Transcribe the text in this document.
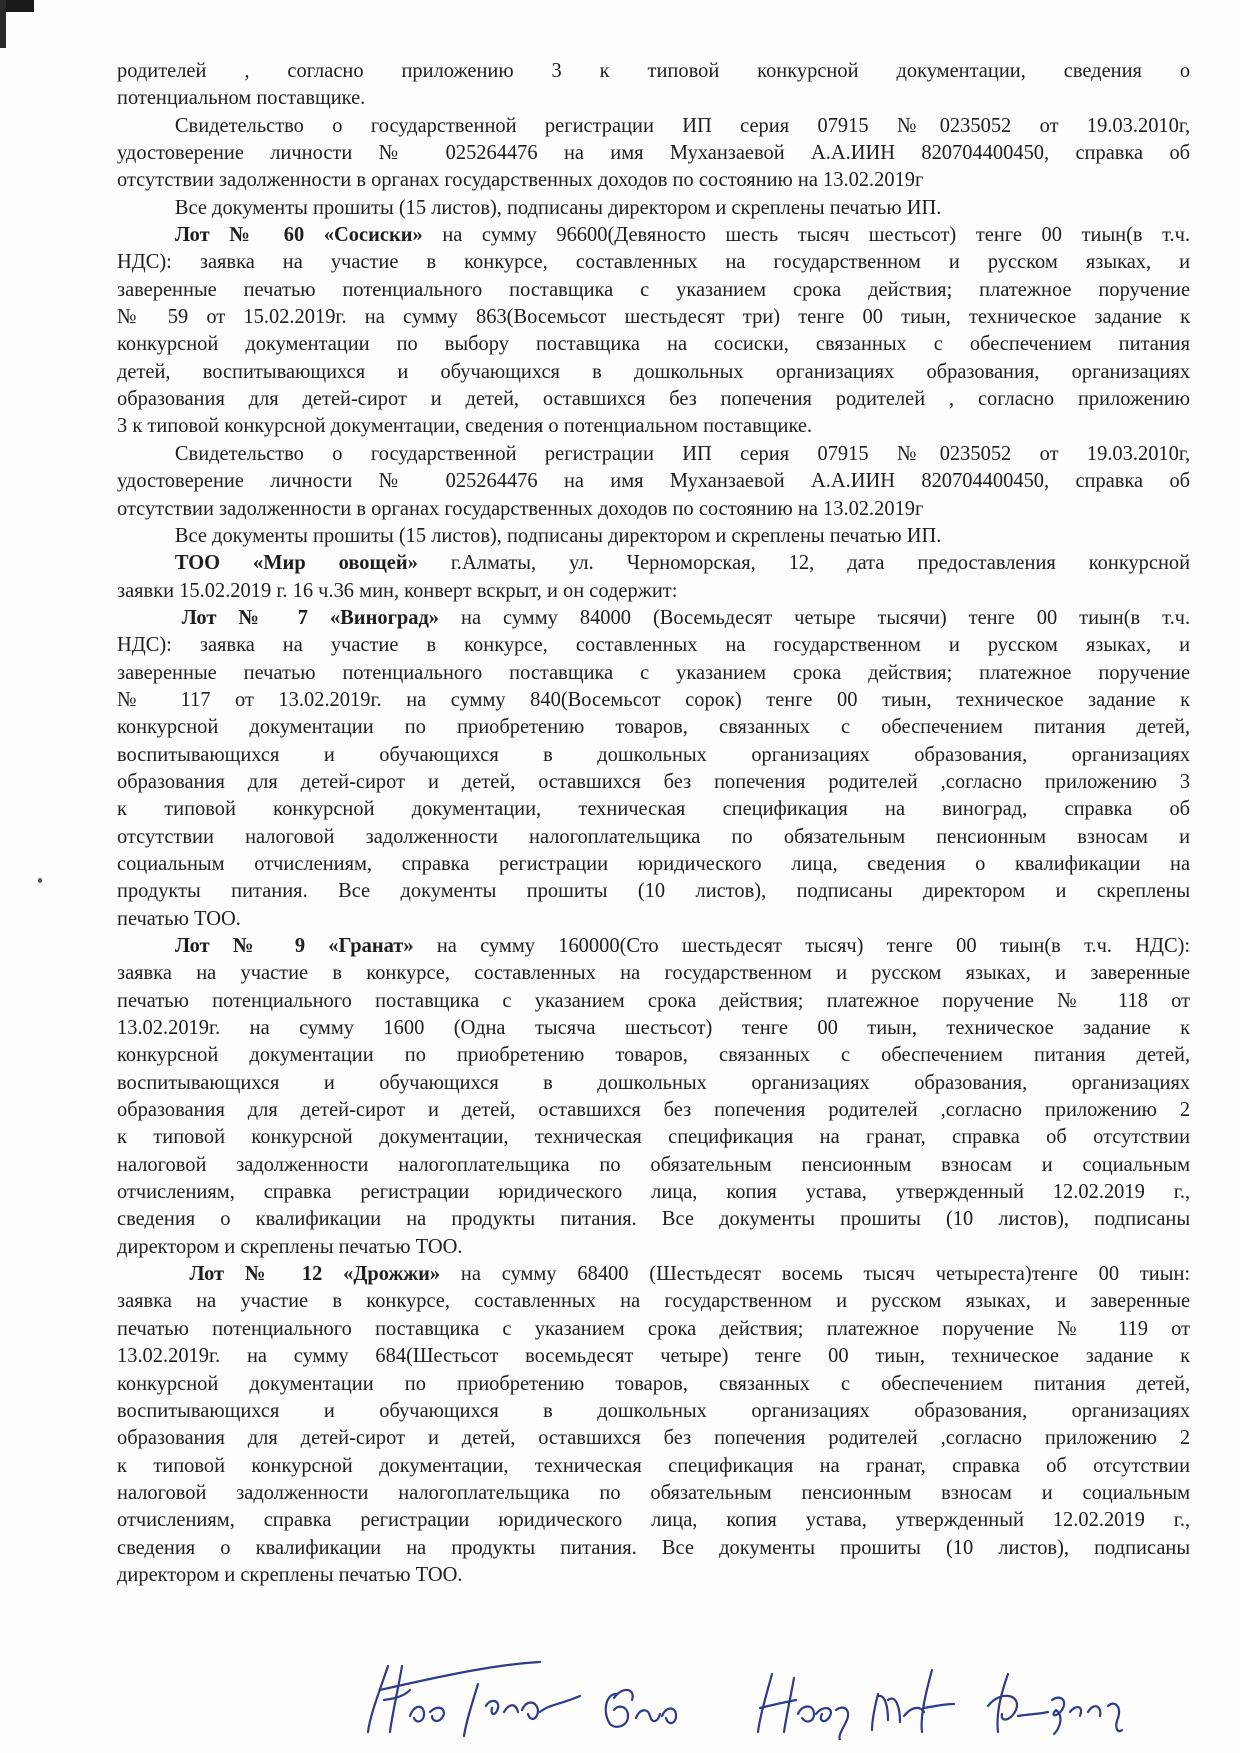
родителей , согласно приложению 3 к типовой конкурсной документации, сведения о
потенциальном поставщике.
Свидетельство о государственной регистрации ИП серия 07915 №0235052 от 19.03.2010г,
удостоверение личности № 025264476 на имя Муханзаевой А.А.ИИН 820704400450, справка об
отсутствии задолженности в органах государственных доходов по состоянию на 13.02.2019г
Все документы прошиты (15 листов), подписаны директором и скреплены печатью ИП.
Лот № 60 «Сосиски» на сумму 96600(Девяносто шесть тысяч шестьсот) тенге 00 тиын(в т.ч.
НДС): заявка на участие в конкурсе, составленных на государственном и русском языках, и
заверенные печатью потенциального поставщика с указанием срока действия; платежное поручение
№ 59 от 15.02.2019г. на сумму 863(Восемьсот шестьдесят три) тенге 00 тиын, техническое задание к
конкурсной документации по выбору поставщика на сосиски, связанных с обеспечением питания
детей, воспитывающихся и обучающихся в дошкольных организациях образования, организациях
образования для детей-сирот и детей, оставшихся без попечения родителей , согласно приложению
3 к типовой конкурсной документации, сведения о потенциальном поставщике.
Свидетельство о государственной регистрации ИП серия 07915 №0235052 от 19.03.2010г,
удостоверение личности № 025264476 на имя Муханзаевой А.А.ИИН 820704400450, справка об
отсутствии задолженности в органах государственных доходов по состоянию на 13.02.2019г
Все документы прошиты (15 листов), подписаны директором и скреплены печатью ИП.
ТОО «Мир овощей» г.Алматы, ул. Черноморская, 12, дата предоставления конкурсной
заявки 15.02.2019 г. 16 ч.36 мин, конверт вскрыт, и он содержит:
Лот № 7 «Виноград» на сумму 84000 (Восемьдесят четыре тысячи) тенге 00 тиын(в т.ч.
НДС): заявка на участие в конкурсе, составленных на государственном и русском языках, и
заверенные печатью потенциального поставщика с указанием срока действия; платежное поручение
№ 117 от 13.02.2019г. на сумму 840(Восемьсот сорок) тенге 00 тиын, техническое задание к
конкурсной документации по приобретению товаров, связанных с обеспечением питания детей,
воспитывающихся и обучающихся в дошкольных организациях образования, организациях
образования для детей-сирот и детей, оставшихся без попечения родителей ,согласно приложению 3
к типовой конкурсной документации, техническая спецификация на виноград, справка об
отсутствии налоговой задолженности налогоплательщика по обязательным пенсионным взносам и
социальным отчислениям, справка регистрации юридического лица, сведения о квалификации на
продукты питания. Все документы прошиты (10 листов), подписаны директором и скреплены
печатью ТОО.
Лот № 9 «Гранат» на сумму 160000(Сто шестьдесят тысяч) тенге 00 тиын(в т.ч. НДС):
заявка на участие в конкурсе, составленных на государственном и русском языках, и заверенные
печатью потенциального поставщика с указанием срока действия; платежное поручение № 118 от
13.02.2019г. на сумму 1600 (Одна тысяча шестьсот) тенге 00 тиын, техническое задание к
конкурсной документации по приобретению товаров, связанных с обеспечением питания детей,
воспитывающихся и обучающихся в дошкольных организациях образования, организациях
образования для детей-сирот и детей, оставшихся без попечения родителей ,согласно приложению 2
к типовой конкурсной документации, техническая спецификация на гранат, справка об отсутствии
налоговой задолженности налогоплательщика по обязательным пенсионным взносам и социальным
отчислениям, справка регистрации юридического лица, копия устава, утвержденный 12.02.2019 г.,
сведения о квалификации на продукты питания. Все документы прошиты (10 листов), подписаны
директором и скреплены печатью ТОО.
Лот № 12 «Дрожжи» на сумму 68400 (Шестьдесят восемь тысяч четыреста)тенге 00 тиын:
заявка на участие в конкурсе, составленных на государственном и русском языках, и заверенные
печатью потенциального поставщика с указанием срока действия; платежное поручение № 119 от
13.02.2019г. на сумму 684(Шестьсот восемьдесят четыре) тенге 00 тиын, техническое задание к
конкурсной документации по приобретению товаров, связанных с обеспечением питания детей,
воспитывающихся и обучающихся в дошкольных организациях образования, организациях
образования для детей-сирот и детей, оставшихся без попечения родителей ,согласно приложению 2
к типовой конкурсной документации, техническая спецификация на гранат, справка об отсутствии
налоговой задолженности налогоплательщика по обязательным пенсионным взносам и социальным
отчислениям, справка регистрации юридического лица, копия устава, утвержденный 12.02.2019 г.,
сведения о квалификации на продукты питания. Все документы прошиты (10 листов), подписаны
директором и скреплены печатью ТОО.
